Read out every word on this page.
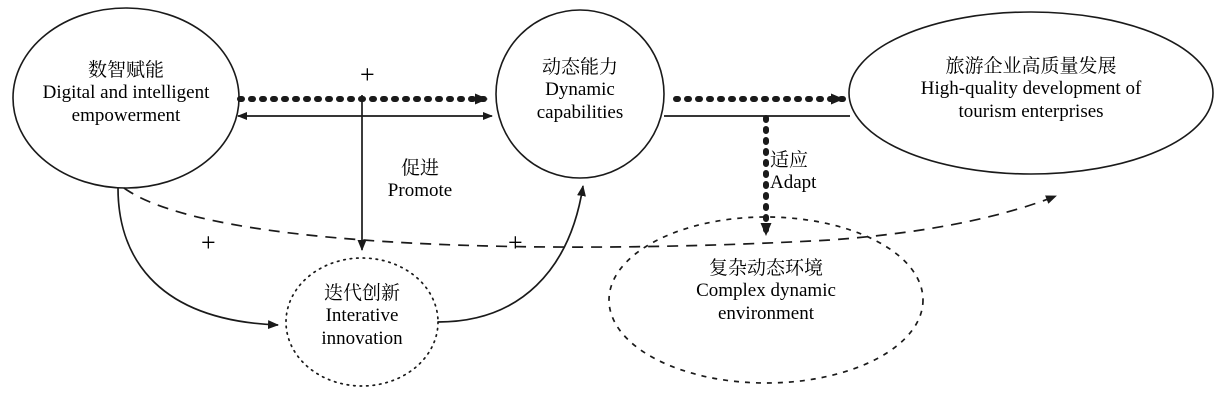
数智赋能
Digital and intelligent
empowerment
动态能力
Dynamic
capabilities
旅游企业高质量发展
High-quality development of
tourism enterprises
迭代创新
Interative
innovation
复杂动态环境
Complex dynamic
environment
促进
Promote
适应
Adapt
+
+	+
